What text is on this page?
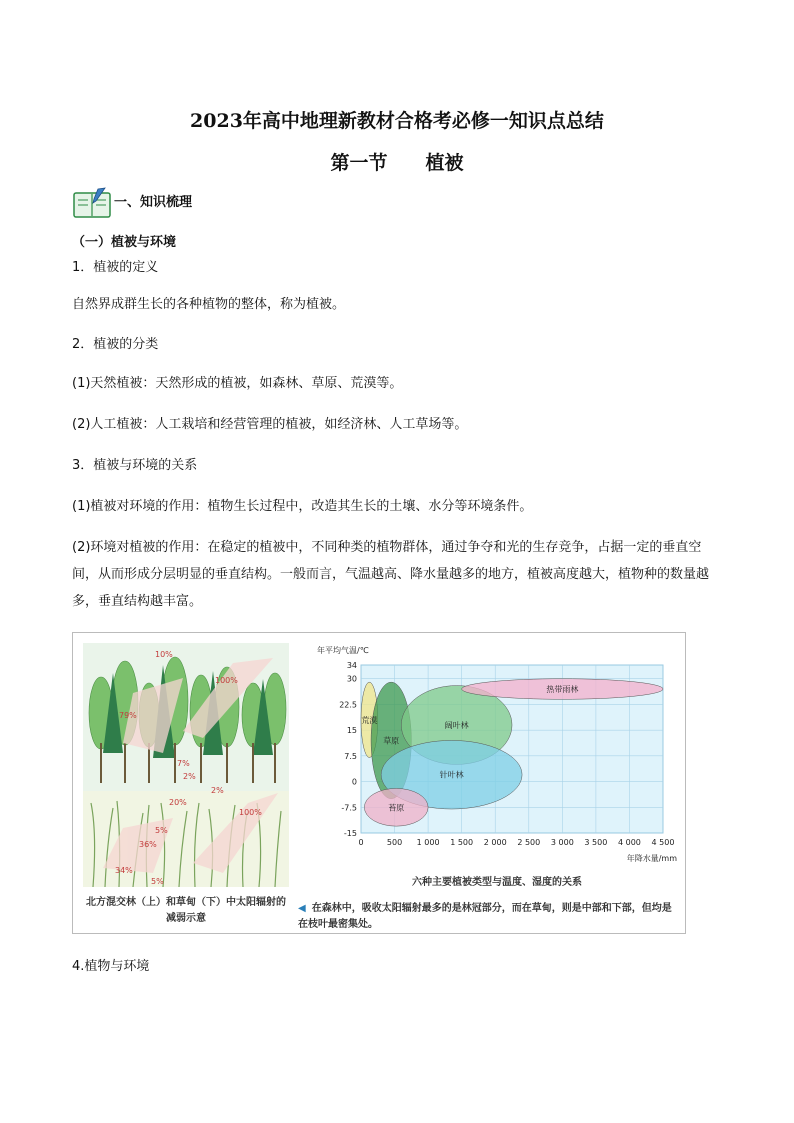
2023年高中地理新教材合格考必修一知识点总结
第一节　　植被
一、知识梳理
（一）植被与环境
1．植被的定义
自然界成群生长的各种植物的整体，称为植被。
2．植被的分类
(1)天然植被：天然形成的植被，如森林、草原、荒漠等。
(2)人工植被：人工栽培和经营管理的植被，如经济林、人工草场等。
3．植被与环境的关系
(1)植被对环境的作用：植物生长过程中，改造其生长的土壤、水分等环境条件。
(2)环境对植被的作用：在稳定的植被中，不同种类的植物群体，通过争夺和光的生存竞争，占据一定的垂直空间，从而形成分层明显的垂直结构。一般而言，气温越高、降水量越多的地方，植被高度越大，植物种的数量越多，垂直结构越丰富。
10%
100%
79%
7%
2%
2%
20%
100%
5%
36%
34%
5%
34
30
22.5
15
7.5
0
-7.5
-15
0	500 1 000 1 500 2 000 2 500 3 000 3 500 4 000 4 500
年平均气温/℃
年降水量/mm
荒漠
草原
阔叶林
针叶林
苔原
热带雨林
六种主要植被类型与温度、湿度的关系
北方混交林（上）和草甸（下）中太阳辐射的减弱示意
◀ 在森林中，吸收太阳辐射最多的是林冠部分，而在草甸，则是中部和下部，但均是在枝叶最密集处。
4.植物与环境
